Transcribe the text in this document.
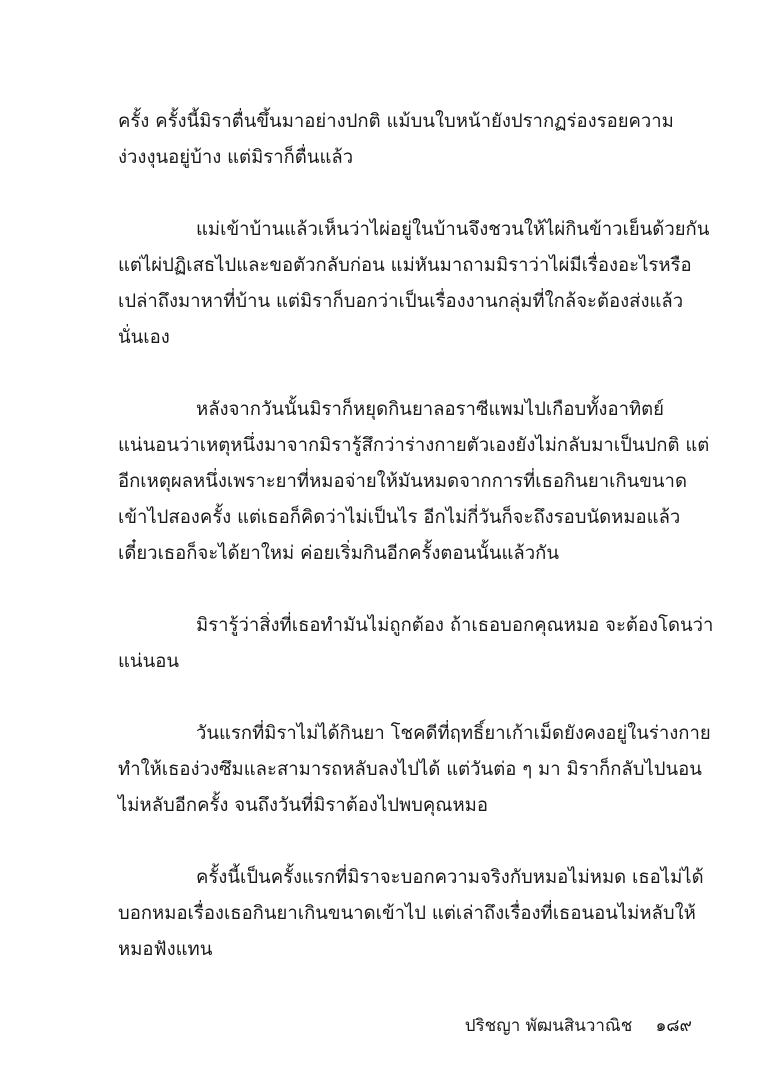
ครั้ง ครั้งนี้มิราตื่นขึ้นมาอย่างปกติ แม้บนใบหน้ายังปรากฏร่องรอยความ
ง่วงงุนอยู่บ้าง แต่มิราก็ตื่นแล้ว

แม่เข้าบ้านแล้วเห็นว่าไผ่อยู่ในบ้านจึงชวนให้ไผ่กินข้าวเย็นด้วยกัน
แต่ไผ่ปฏิเสธไปและขอตัวกลับก่อน แม่หันมาถามมิราว่าไผ่มีเรื่องอะไรหรือ
เปล่าถึงมาหาที่บ้าน แต่มิราก็บอกว่าเป็นเรื่องงานกลุ่มที่ใกล้จะต้องส่งแล้ว
นั่นเอง

หลังจากวันนั้นมิราก็หยุดกินยาลอราซีแพมไปเกือบทั้งอาทิตย์
แน่นอนว่าเหตุหนึ่งมาจากมิรารู้สึกว่าร่างกายตัวเองยังไม่กลับมาเป็นปกติ แต่
อีกเหตุผลหนึ่งเพราะยาที่หมอจ่ายให้มันหมดจากการที่เธอกินยาเกินขนาด
เข้าไปสองครั้ง แต่เธอก็คิดว่าไม่เป็นไร อีกไม่กี่วันก็จะถึงรอบนัดหมอแล้ว
เดี๋ยวเธอก็จะได้ยาใหม่ ค่อยเริ่มกินอีกครั้งตอนนั้นแล้วกัน

มิรารู้ว่าสิ่งที่เธอทำมันไม่ถูกต้อง ถ้าเธอบอกคุณหมอ จะต้องโดนว่า
แน่นอน

วันแรกที่มิราไม่ได้กินยา โชคดีที่ฤทธิ์ยาเก้าเม็ดยังคงอยู่ในร่างกาย
ทำให้เธอง่วงซึมและสามารถหลับลงไปได้ แต่วันต่อ ๆ มา มิราก็กลับไปนอน
ไม่หลับอีกครั้ง จนถึงวันที่มิราต้องไปพบคุณหมอ

ครั้งนี้เป็นครั้งแรกที่มิราจะบอกความจริงกับหมอไม่หมด เธอไม่ได้
บอกหมอเรื่องเธอกินยาเกินขนาดเข้าไป แต่เล่าถึงเรื่องที่เธอนอนไม่หลับให้
หมอฟังแทน

ปริชญา พัฒนสินวาณิช ๑๘๙
